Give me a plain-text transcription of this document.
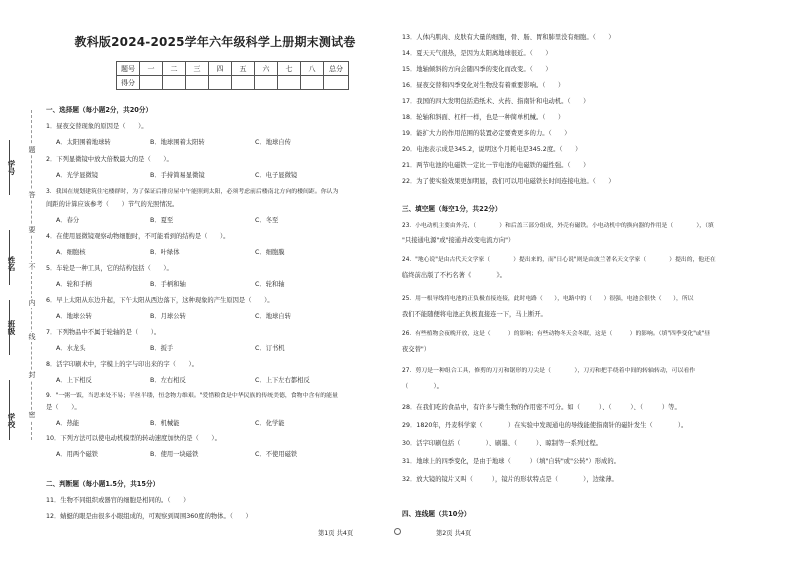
学号
姓名
班级
学校
题
答
要
不
内
线
封
密
教科版2024-2025学年六年级科学上册期末测试卷
题号	一	二	三	四	五	六	七	八	总分
得分									
一、选择题（每小题2分，共20分）
1．昼夜交替现象的原因是（　　）。
A．太阳围着地球转	B．地球围着太阳转	C．地球自传
2．下列显微镜中放大倍数最大的是（　　）。
A．光学显微镜	B．手持简易显微镜	C．电子显微镜
3．我国在规划建筑住宅楼群时，为了保证后排房屋中午能照到太阳，必须考虑前后楼南北方向的楼间距。你认为
间距的计算应该参考（　　）节气的光照情况。
A．春分	B．夏至	C．冬至
4．在使用显微镜观察动物细胞时，不可能看到的结构是（　　）。
A．细胞核	B．叶绿体	C．细胞膜
5．车轮是一种工具，它的结构包括（　　）。
A．轮和手柄	B．手柄和轴	C．轮和轴
6．早上太阳从东边升起，下午太阳从西边落下，这种现象的产生原因是（　　）。
A．地球公转	B．月球公转	C．地球自转
7．下列物品中不属于轮轴的是（　　）。
A．水龙头	B．扳手	C．订书机
8．活字印刷术中，字模上的字与印出来的字（　　）。
A．上下相反	B．左右相反	C．上下左右都相反
9．"一粥一饭，当思来处不易；半丝半缕，恒念物力维艰。"爱惜粮食是中华民族的传统美德，食物中含有的能量
是（　　）。
A．热能	B．机械能	C．化学能
10．下列方法可以使电动机模型的转动速度加快的是（　　）。
A．用两个磁铁	B．使用一块磁铁	C．不使用磁铁
二、判断题（每小题1.5分，共15分）
11．生物不同组织或器官的细胞是相同的。（　　）
12．蜻蜓的眼是由很多小眼组成的，可观察到周围360度的物体。（　　）
13．人体内肌肉、皮肤有大量的细胞，骨、肠、胃和肺里没有细胞。（　　）
14．夏天天气很热，是因为太阳离地球很近。（　　）
15．地轴倾斜的方向会随四季的变化而改变。（　　）
16．昼夜交替和四季变化对生物没有着重要影响。（　　）
17．我国的四大发明包括造纸术、火药、指南针和电动机。（　　）
18．轮轴和斜面、杠杆一样，也是一种简单机械。（　　）
19．能扩大力的作用范围的装置必定要费更多的力。（　　）
20．电池表示成是345.2，说明这个月耗电是345.2度。（　　）
21．两节电池的电磁铁一定比一节电池的电磁铁的磁性强。（　　）
22．为了使实验效果更加明显，我们可以用电磁铁长时间连接电池。（　　）
三、填空题（每空1分，共22分）
23．小电动机主要由外壳、（　　　　）和后盖三部分组成，外壳有磁铁。小电动机中的换向器的作用是（　　　　），（填
"只接通电源"或"接通并改变电流方向"）
24．"地心说"是由古代天文学家（　　　　）提出来的，而"日心说"则是由波兰著名天文学家（　　　　）提出的，他还在
临终前出版了不朽名著《　　　　》。
25．用一根导线将电池的正负极直接连接，此时电路（　　），电路中的（　　）很强，电池会很快（　　），所以
我们不能随便将电池正负极直接连一下，马上断开。
26．有些植物会夜晚开放，这是（　　　）的影响；有些动物冬天会冬眠，这是（　　　）的影响。（填"四季变化"或"昼
夜交替"）
27．剪刀是一种组合工具，修剪的刀刃和锯形的刀尖是（　　　　），刀刃和把手绕着中间的转轴转动，可以看作
（　　　　）。
28．在我们吃的食品中，有许多与微生物的作用密不可分。如（　　　）、（　　　）、（　　　）等。
29．1820年，丹麦科学家（　　　　）在实验中发现通电的导线能使指南针的磁针发生（　　　　）。
30．活字印刷包括（　　　　）、刷墨、（　　　）、晾制等一系列过程。
31．地球上的四季变化，是由于地球（　　　）（填"自转"或"公转"）形成的。
32．放大镜的镜片又叫（　　　），镜片的形状特点是（　　　　），边缘薄。
四、连线题（共10分）
第1页 共4页	第2页 共4页
